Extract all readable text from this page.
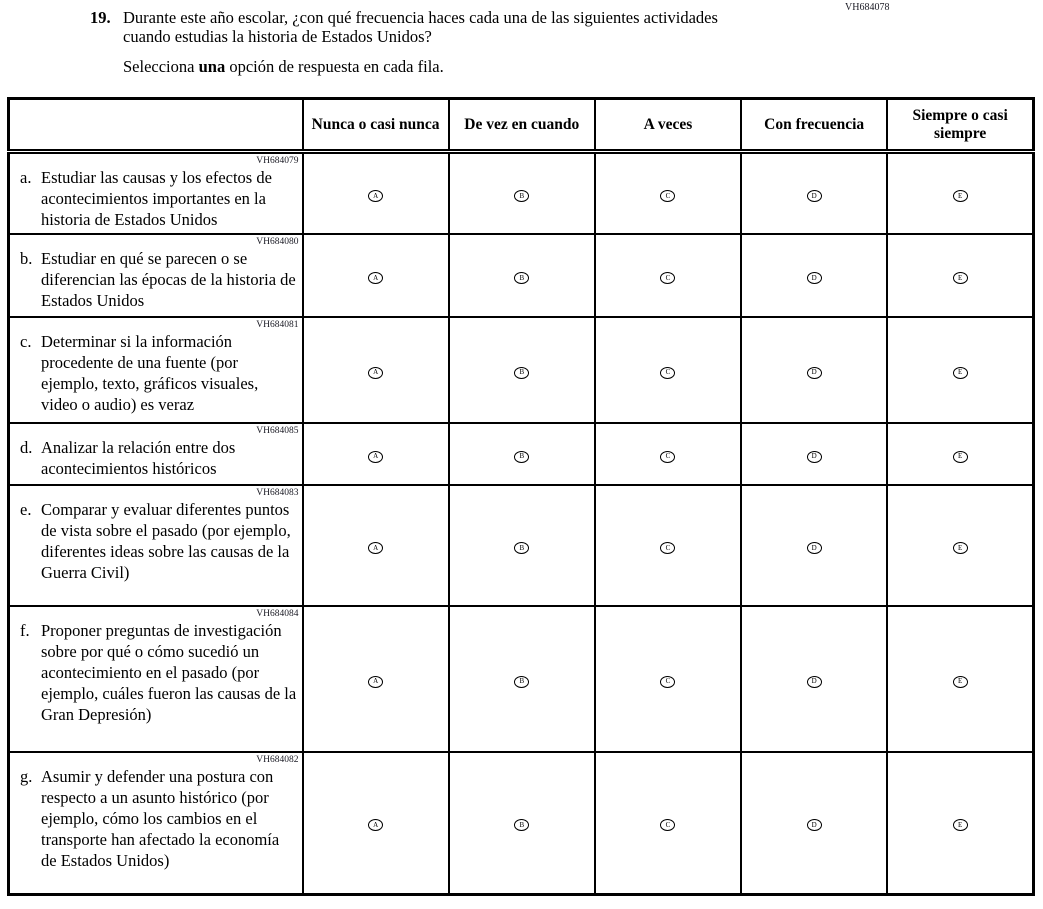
VH684078
19. Durante este año escolar, ¿con qué frecuencia haces cada una de las siguientes actividades cuando estudias la historia de Estados Unidos?
Selecciona una opción de respuesta en cada fila.
	Nunca o casi nunca	De vez en cuando	A veces	Con frecuencia	Siempre o casi siempre

VH684079
a. Estudiar las causas y los efectos de acontecimientos importantes en la historia de Estados Unidos	A	B	C	D	E

VH684080
b. Estudiar en qué se parecen o se diferencian las épocas de la historia de Estados Unidos	A	B	C	D	E

VH684081
c. Determinar si la información procedente de una fuente (por ejemplo, texto, gráficos visuales, video o audio) es veraz	A	B	C	D	E

VH684085
d. Analizar la relación entre dos acontecimientos históricos	A	B	C	D	E

VH684083
e. Comparar y evaluar diferentes puntos de vista sobre el pasado (por ejemplo, diferentes ideas sobre las causas de la Guerra Civil)	A	B	C	D	E

VH684084
f. Proponer preguntas de investigación sobre por qué o cómo sucedió un acontecimiento en el pasado (por ejemplo, cuáles fueron las causas de la Gran Depresión)	A	B	C	D	E

VH684082
g. Asumir y defender una postura con respecto a un asunto histórico (por ejemplo, cómo los cambios en el transporte han afectado la economía de Estados Unidos)	A	B	C	D	E
